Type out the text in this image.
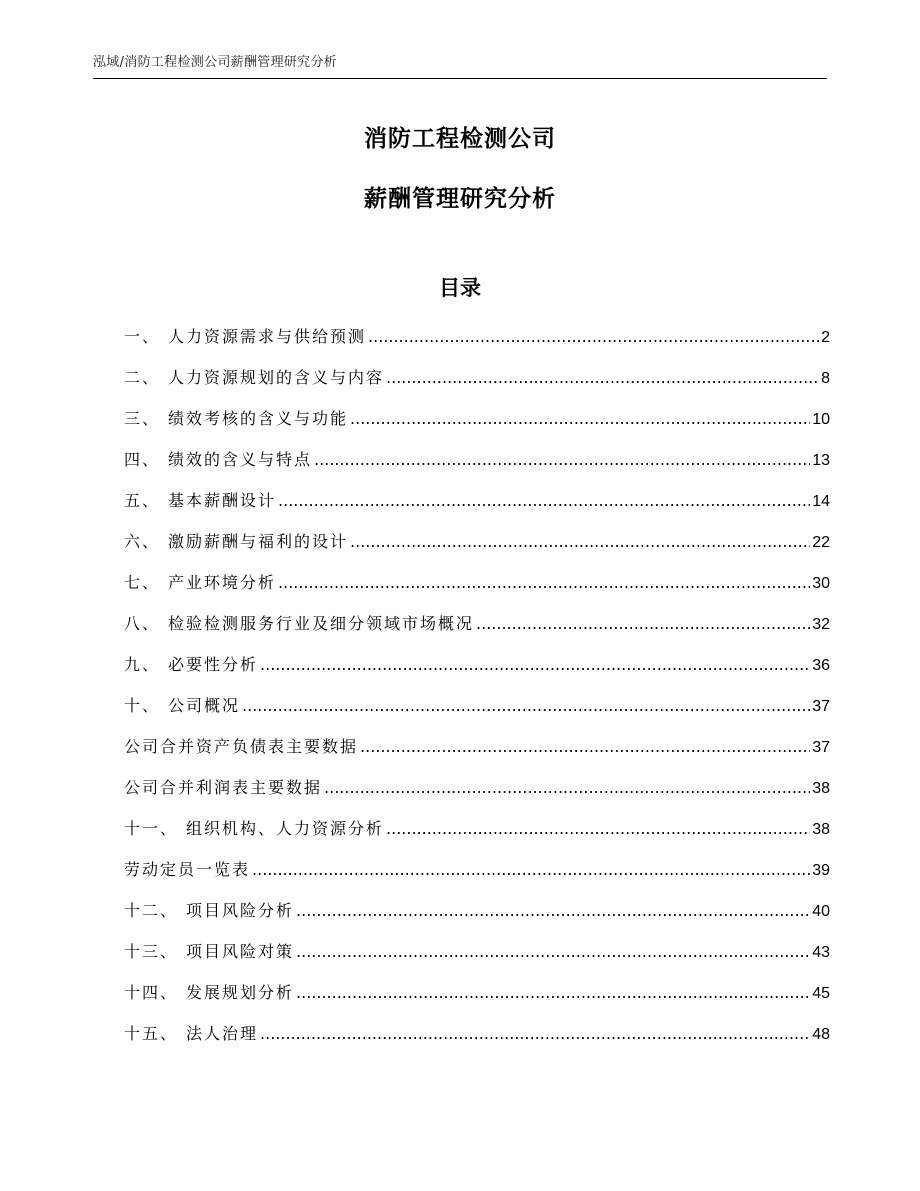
泓域/消防工程检测公司薪酬管理研究分析
消防工程检测公司
薪酬管理研究分析
目录
一、 人力资源需求与供给预测 .....	2
二、 人力资源规划的含义与内容 .....	8
三、 绩效考核的含义与功能 .....	10
四、 绩效的含义与特点 .....	13
五、 基本薪酬设计 .....	14
六、 激励薪酬与福利的设计 .....	22
七、 产业环境分析 .....	30
八、 检验检测服务行业及细分领域市场概况 .....	32
九、 必要性分析 .....	36
十、 公司概况 .....	37
公司合并资产负债表主要数据 .....	37
公司合并利润表主要数据 .....	38
十一、 组织机构、人力资源分析 .....	38
劳动定员一览表 .....	39
十二、 项目风险分析 .....	40
十三、 项目风险对策 .....	43
十四、 发展规划分析 .....	45
十五、 法人治理 .....	48
